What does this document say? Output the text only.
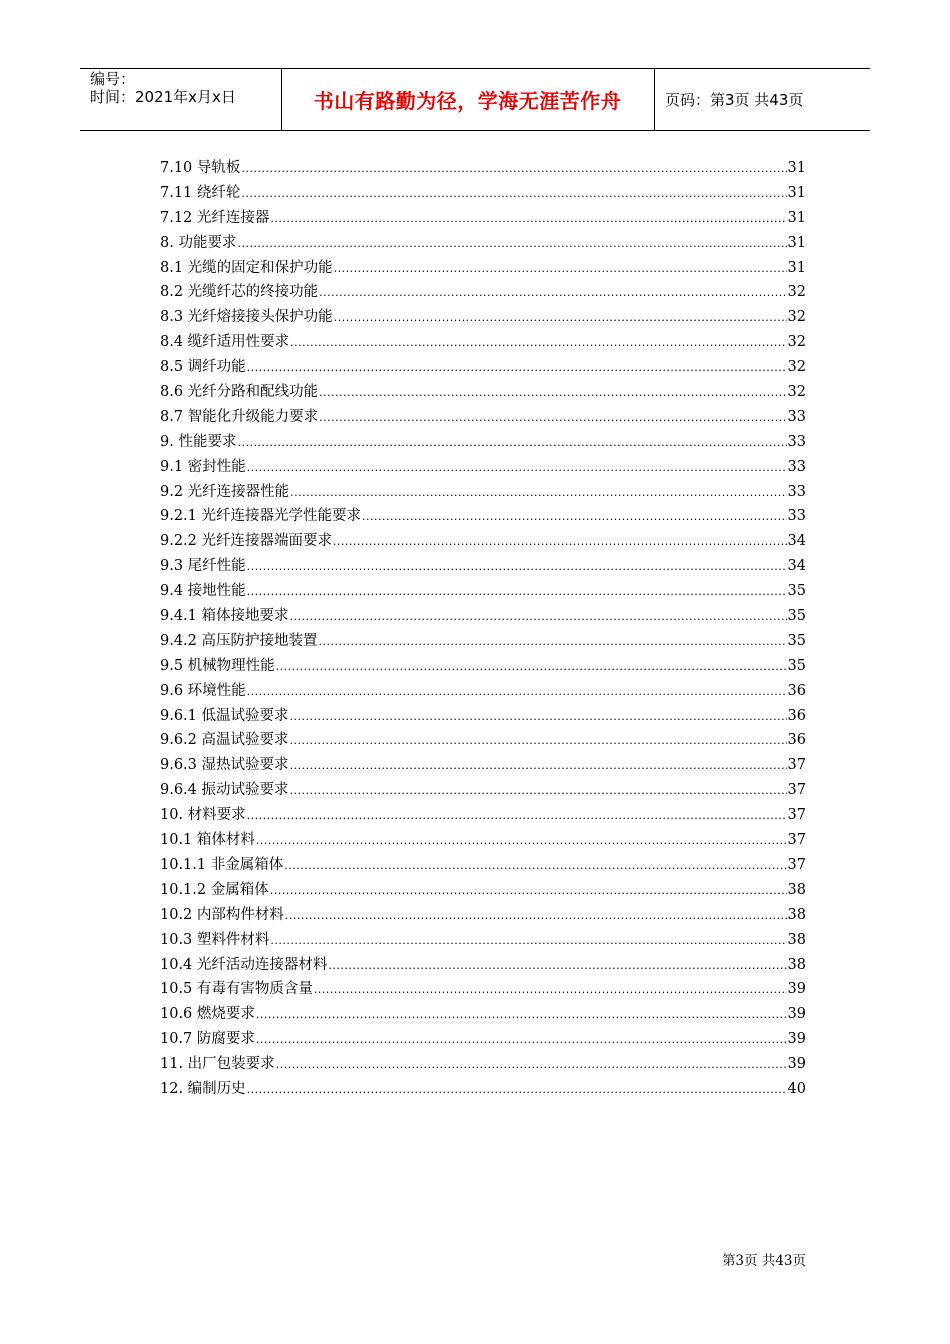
编号：
时间：2021年x月x日	书山有路勤为径，学海无涯苦作舟	页码：第3页 共43页
7.10 导轨板 .....	31
7.11 绕纤轮 .....	31
7.12 光纤连接器 .....	31
8. 功能要求 .....	31
8.1 光缆的固定和保护功能 .....	31
8.2 光缆纤芯的终接功能 .....	32
8.3 光纤熔接接头保护功能 .....	32
8.4 缆纤适用性要求 .....	32
8.5 调纤功能 .....	32
8.6 光纤分路和配线功能 .....	32
8.7 智能化升级能力要求 .....	33
9. 性能要求 .....	33
9.1 密封性能 .....	33
9.2 光纤连接器性能 .....	33
9.2.1 光纤连接器光学性能要求 .....	33
9.2.2 光纤连接器端面要求 .....	34
9.3 尾纤性能 .....	34
9.4 接地性能 .....	35
9.4.1 箱体接地要求 .....	35
9.4.2 高压防护接地装置 .....	35
9.5 机械物理性能 .....	35
9.6 环境性能 .....	36
9.6.1 低温试验要求 .....	36
9.6.2 高温试验要求 .....	36
9.6.3 湿热试验要求 .....	37
9.6.4 振动试验要求 .....	37
10. 材料要求 .....	37
10.1 箱体材料 .....	37
10.1.1 非金属箱体 .....	37
10.1.2 金属箱体 .....	38
10.2 内部构件材料 .....	38
10.3 塑料件材料 .....	38
10.4 光纤活动连接器材料 .....	38
10.5 有毒有害物质含量 .....	39
10.6 燃烧要求 .....	39
10.7 防腐要求 .....	39
11. 出厂包装要求 .....	39
12. 编制历史 .....	40
第3页 共43页
